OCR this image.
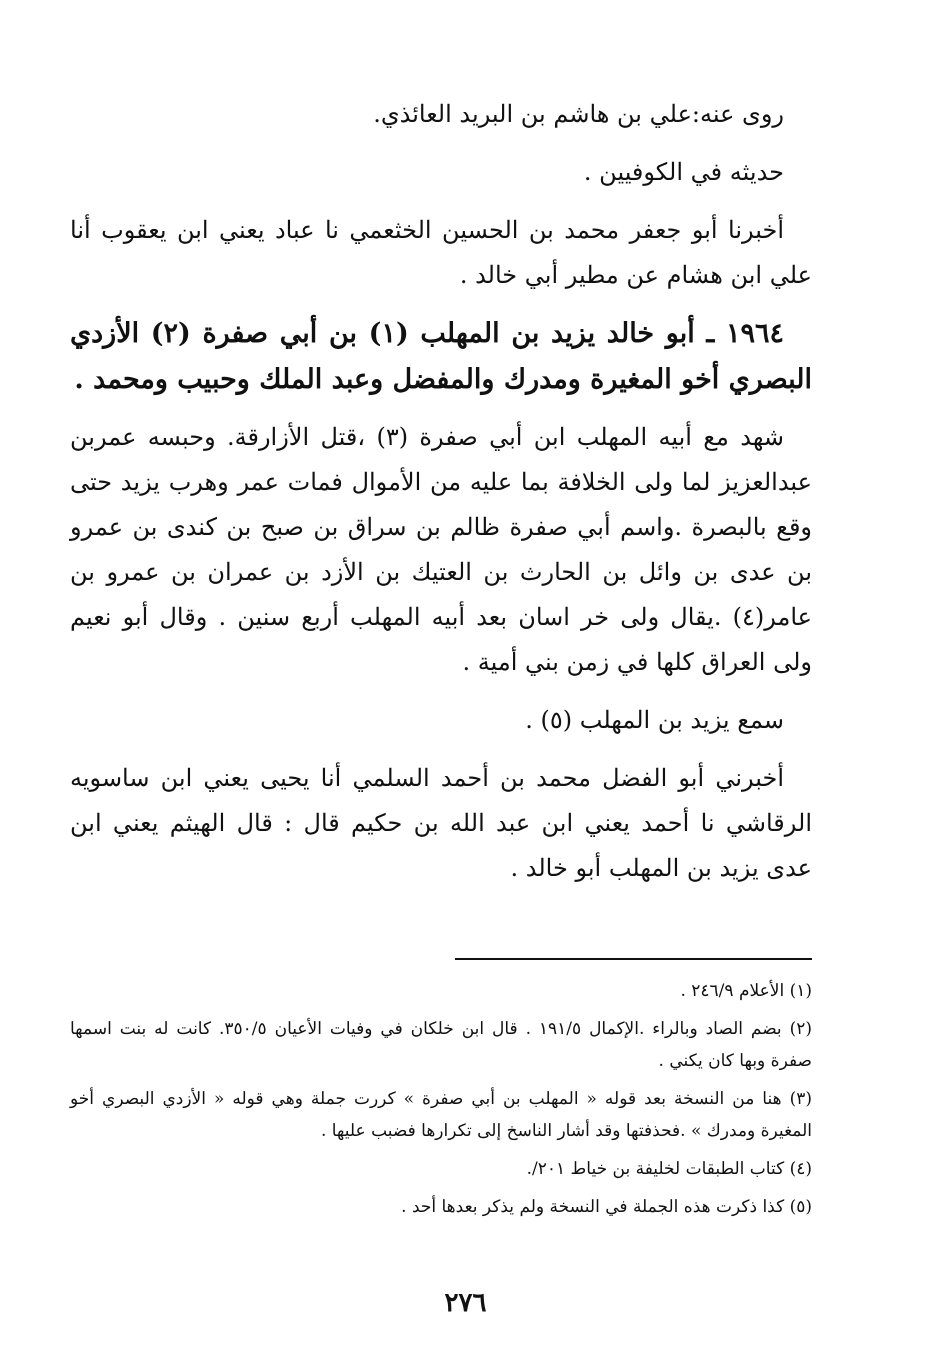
روى عنه:علي بن هاشم بن البريد العائذي.

حديثه في الكوفيين .

أخبرنا أبو جعفر محمد بن الحسين الخثعمي نا عباد يعني ابن يعقوب أنا علي ابن هشام عن مطير أبي خالد .

١٩٦٤ ـ أبو خالد يزيد بن المهلب (١) بن أبي صفرة (٢) الأزدي البصري أخو المغيرة ومدرك والمفضل وعبد الملك وحبيب ومحمد .

شهد مع أبيه المهلب ابن أبي صفرة (٣) ،قتل الأزارقة. وحبسه عمربن عبدالعزيز لما ولى الخلافة بما عليه من الأموال فمات عمر وهرب يزيد حتى وقع بالبصرة .واسم أبي صفرة ظالم بن سراق بن صبح بن كندى بن عمرو بن عدى بن وائل بن الحارث بن العتيك بن الأزد بن عمران بن عمرو بن عامر(٤) .يقال ولى خر اسان بعد أبيه المهلب أربع سنين . وقال أبو نعيم ولى العراق كلها في زمن بني أمية .

سمع يزيد بن المهلب (٥) .

أخبرني أبو الفضل محمد بن أحمد السلمي أنا يحيى يعني ابن ساسويه الرقاشي نا أحمد يعني ابن عبد الله بن حكيم قال : قال الهيثم يعني ابن عدى يزيد بن المهلب أبو خالد .

(١) الأعلام ٢٤٦/٩ .

(٢) بضم الصاد وبالراء .الإكمال ١٩١/٥ . قال ابن خلكان في وفيات الأعيان ٣٥٠/٥. كانت له بنت اسمها صفرة وبها كان يكني .

(٣) هنا من النسخة بعد قوله « المهلب بن أبي صفرة » كررت جملة وهي قوله « الأزدي البصري أخو المغيرة ومدرك » .فحذفتها وقد أشار الناسخ إلى تكرارها فضبب عليها .

(٤) كتاب الطبقات لخليفة بن خياط ٢٠١/.

(٥) كذا ذكرت هذه الجملة في النسخة ولم يذكر بعدها أحد .

٢٧٦
